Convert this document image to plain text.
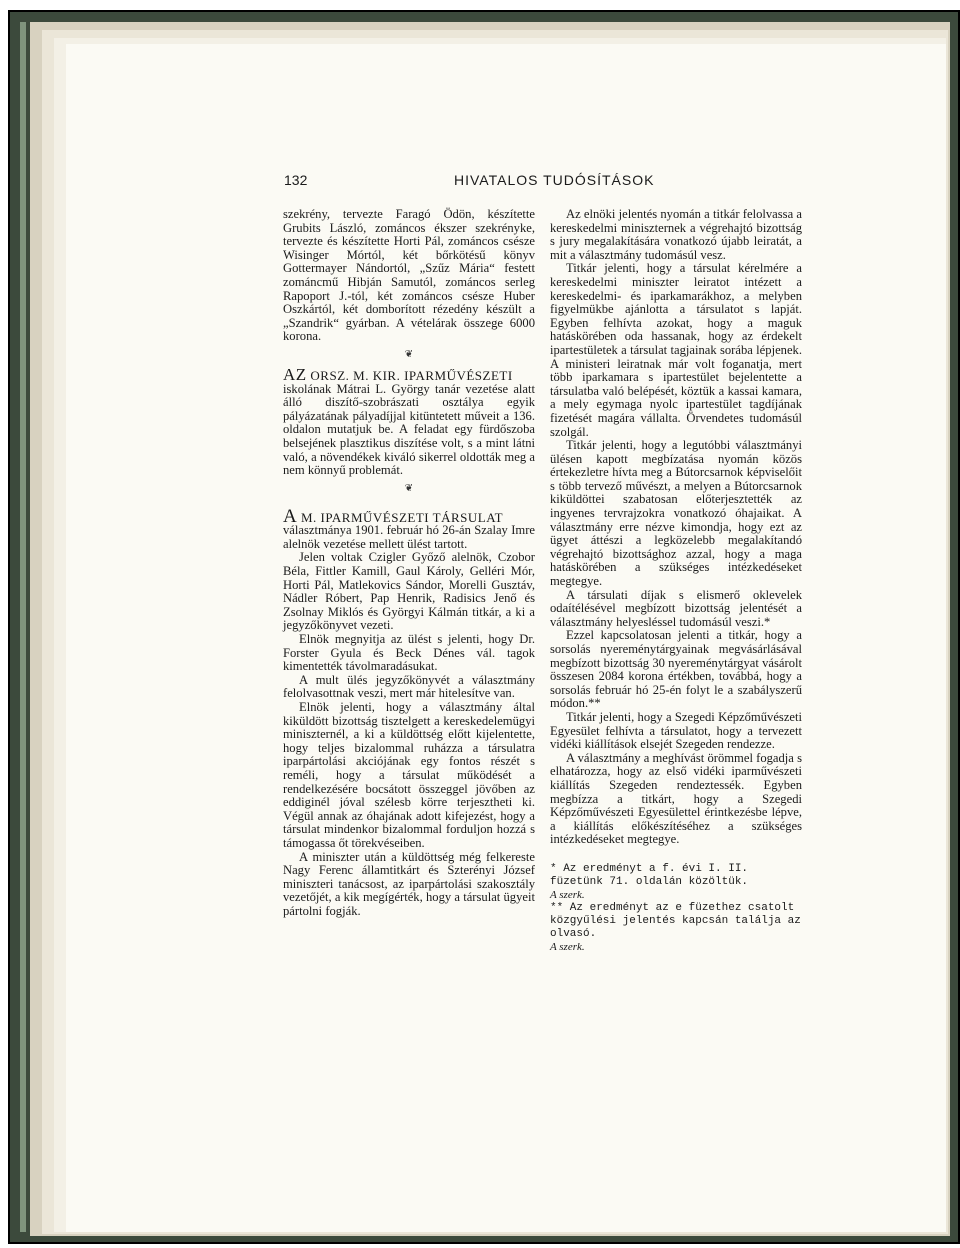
132	HIVATALOS TUDÓSÍTÁSOK

szekrény, tervezte Faragó Ödön, készítette Grubits László, zománcos ékszer szekrényke, tervezte és készítette Horti Pál, zománcos csésze Wisinger Mórtól, két bőrkötésű könyv Gottermayer Nándortól, „Szűz Mária“ festett zománcmű Hibján Samutól, zománcos serleg Rapoport J.-tól, két zománcos csésze Huber Oszkártól, két domborított rézedény készült a „Szandrik“ gyárban. A vételárak összege 6000 korona.

❦
AZ ORSZ. M. KIR. IPARMŰVÉSZETI

iskolának Mátrai L. György tanár vezetése alatt álló diszítő-szobrászati osztálya egyik pályázatának pályadíjjal kitüntetett műveit a 136. oldalon mutatjuk be. A feladat egy fürdőszoba belsejének plasztikus diszítése volt, s a mint látni való, a növendékek kiváló sikerrel oldották meg a nem könnyű problemát.

❦
A M. IPARMŰVÉSZETI TÁRSULAT

választmánya 1901. február hó 26-án Szalay Imre alelnök vezetése mellett ülést tartott.

Jelen voltak Czigler Győző alelnök, Czobor Béla, Fittler Kamill, Gaul Károly, Gelléri Mór, Horti Pál, Matlekovics Sándor, Morelli Gusztáv, Nádler Róbert, Pap Henrik, Radisics Jenő és Zsolnay Miklós és Györgyi Kálmán titkár, a ki a jegyzőkönyvet vezeti.

Elnök megnyitja az ülést s jelenti, hogy Dr. Forster Gyula és Beck Dénes vál. tagok kimentették távolmaradásukat.

A mult ülés jegyzőkönyvét a választmány felolvasottnak veszi, mert már hitelesítve van.

Elnök jelenti, hogy a választmány által kiküldött bizottság tisztelgett a kereskedelemügyi miniszternél, a ki a küldöttség előtt kijelentette, hogy teljes bizalommal ruházza a társulatra iparpártolási akciójának egy fontos részét s reméli, hogy a társulat működését a rendelkezésére bocsátott összeggel jövőben az eddiginél jóval szélesb körre terjesztheti ki. Végül annak az óhajának adott kifejezést, hogy a társulat mindenkor bizalommal forduljon hozzá s támogassa őt törekvéseiben.

A miniszter után a küldöttség még felkereste Nagy Ferenc államtitkárt és Szterényi József miniszteri tanácsost, az iparpártolási szakosztály vezetőjét, a kik megígérték, hogy a társulat ügyeit pártolni fogják.

Az elnöki jelentés nyomán a titkár felolvassa a kereskedelmi miniszternek a végrehajtó bizottság s jury megalakítására vonatkozó újabb leiratát, a mit a választmány tudomásúl vesz.

Titkár jelenti, hogy a társulat kérelmére a kereskedelmi miniszter leiratot intézett a kereskedelmi- és iparkamarákhoz, a melyben figyelmükbe ajánlotta a társulatot s lapját. Egyben felhívta azokat, hogy a maguk hatáskörében oda hassanak, hogy az érdekelt ipartestületek a társulat tagjainak sorába lépjenek. A ministeri leiratnak már volt foganatja, mert több iparkamara s ipartestület bejelentette a társulatba való belépését, köztük a kassai kamara, a mely egymaga nyolc ipartestület tagdíjának fizetését magára vállalta. Örvendetes tudomásúl szolgál.

Titkár jelenti, hogy a legutóbbi választmányi ülésen kapott megbízatása nyomán közös értekezletre hívta meg a Bútorcsarnok képviselőit s több tervező művészt, a melyen a Bútorcsarnok kiküldöttei szabatosan előterjesztették az ingyenes tervrajzokra vonatkozó óhajaikat. A választmány erre nézve kimondja, hogy ezt az ügyet áttészi a legközelebb megalakítandó végrehajtó bizottsághoz azzal, hogy a maga hatáskörében a szükséges intézkedéseket megtegye.

A társulati díjak s elismerő oklevelek odaítélésével megbízott bizottság jelentését a választmány helyesléssel tudomásúl veszi.*

Ezzel kapcsolatosan jelenti a titkár, hogy a sorsolás nyereménytárgyainak megvásárlásával megbízott bizottság 30 nyereménytárgyat vásárolt összesen 2084 korona értékben, továbbá, hogy a sorsolás február hó 25-én folyt le a szabályszerű módon.**

Titkár jelenti, hogy a Szegedi Képzőművészeti Egyesület felhívta a társulatot, hogy a tervezett vidéki kiállítások elsejét Szegeden rendezze.

A választmány a meghívást örömmel fogadja s elhatározza, hogy az első vidéki iparművészeti kiállítás Szegeden rendeztessék. Egyben megbízza a titkárt, hogy a Szegedi Képzőművészeti Egyesülettel érintkezésbe lépve, a kiállítás előkészítéséhez a szükséges intézkedéseket megtegye.

* Az eredményt a f. évi I. II. füzetünk 71. oldalán közöltük.

A szerk.

** Az eredményt az e füzethez csatolt közgyűlési jelentés kapcsán találja az olvasó.

A szerk.
